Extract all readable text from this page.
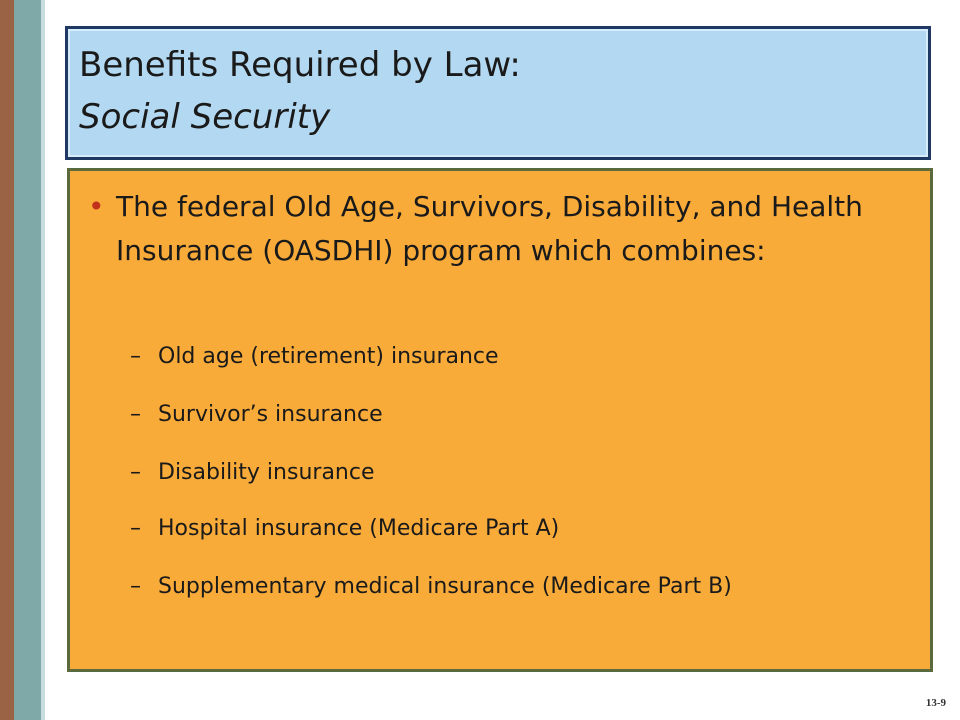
Benefits Required by Law:
Social Security
• The federal Old Age, Survivors, Disability, and Health Insurance (OASDHI) program which combines:
– Old age (retirement) insurance
– Survivor’s insurance
– Disability insurance
– Hospital insurance (Medicare Part A)
– Supplementary medical insurance (Medicare Part B)
13-9
